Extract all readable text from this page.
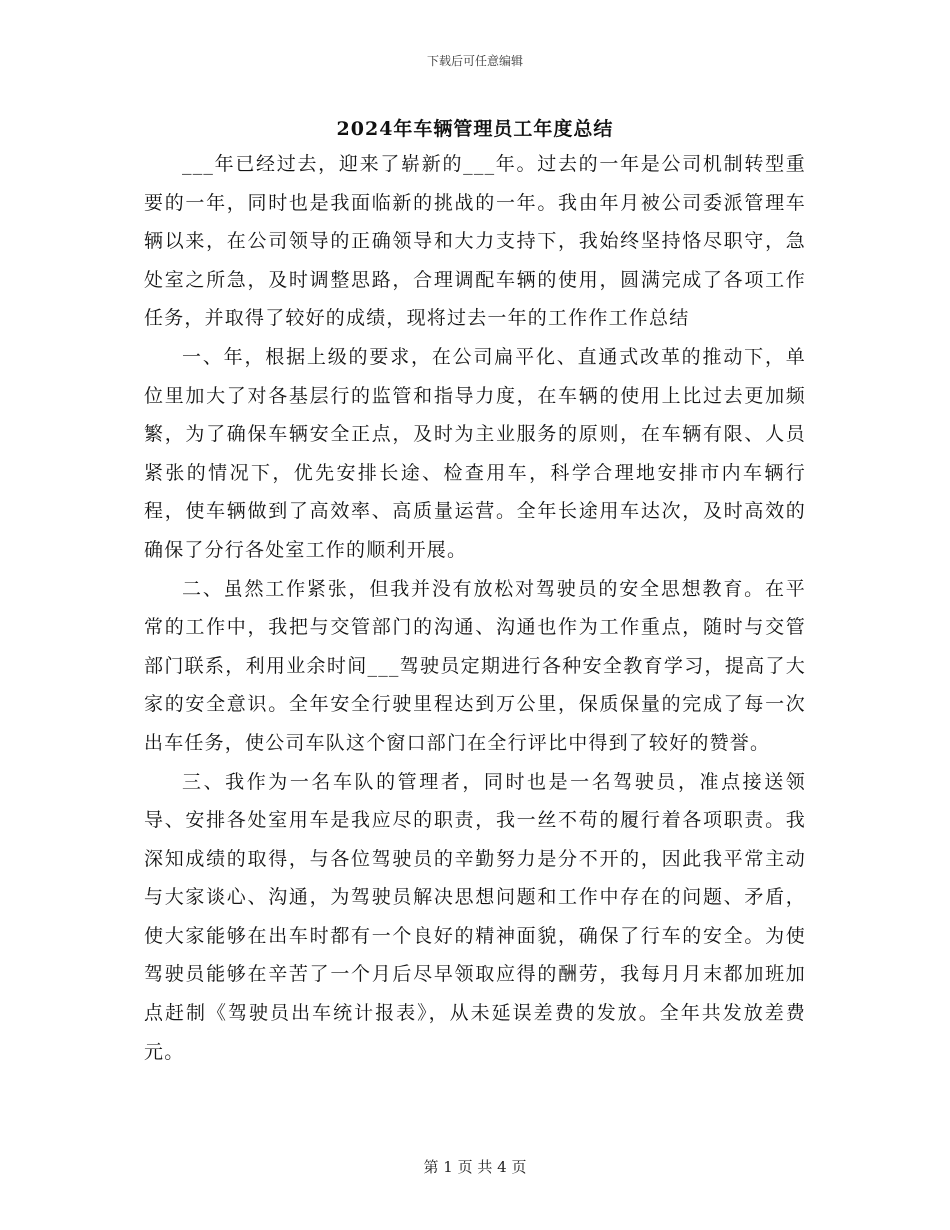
下载后可任意编辑
2024年车辆管理员工年度总结

___年已经过去，迎来了崭新的___年。过去的一年是公司机制转型重要的一年，同时也是我面临新的挑战的一年。我由年月被公司委派管理车辆以来，在公司领导的正确领导和大力支持下，我始终坚持恪尽职守，急处室之所急，及时调整思路，合理调配车辆的使用，圆满完成了各项工作任务，并取得了较好的成绩，现将过去一年的工作作工作总结

一、年，根据上级的要求，在公司扁平化、直通式改革的推动下，单位里加大了对各基层行的监管和指导力度，在车辆的使用上比过去更加频繁，为了确保车辆安全正点，及时为主业服务的原则，在车辆有限、人员紧张的情况下，优先安排长途、检查用车，科学合理地安排市内车辆行程，使车辆做到了高效率、高质量运营。全年长途用车达次，及时高效的确保了分行各处室工作的顺利开展。

二、虽然工作紧张，但我并没有放松对驾驶员的安全思想教育。在平常的工作中，我把与交管部门的沟通、沟通也作为工作重点，随时与交管部门联系，利用业余时间___驾驶员定期进行各种安全教育学习，提高了大家的安全意识。全年安全行驶里程达到万公里，保质保量的完成了每一次出车任务，使公司车队这个窗口部门在全行评比中得到了较好的赞誉。

三、我作为一名车队的管理者，同时也是一名驾驶员，准点接送领导、安排各处室用车是我应尽的职责，我一丝不苟的履行着各项职责。我深知成绩的取得，与各位驾驶员的辛勤努力是分不开的，因此我平常主动与大家谈心、沟通，为驾驶员解决思想问题和工作中存在的问题、矛盾，使大家能够在出车时都有一个良好的精神面貌，确保了行车的安全。为使驾驶员能够在辛苦了一个月后尽早领取应得的酬劳，我每月月末都加班加点赶制《驾驶员出车统计报表》，从未延误差费的发放。全年共发放差费元。

第 1 页 共 4 页
